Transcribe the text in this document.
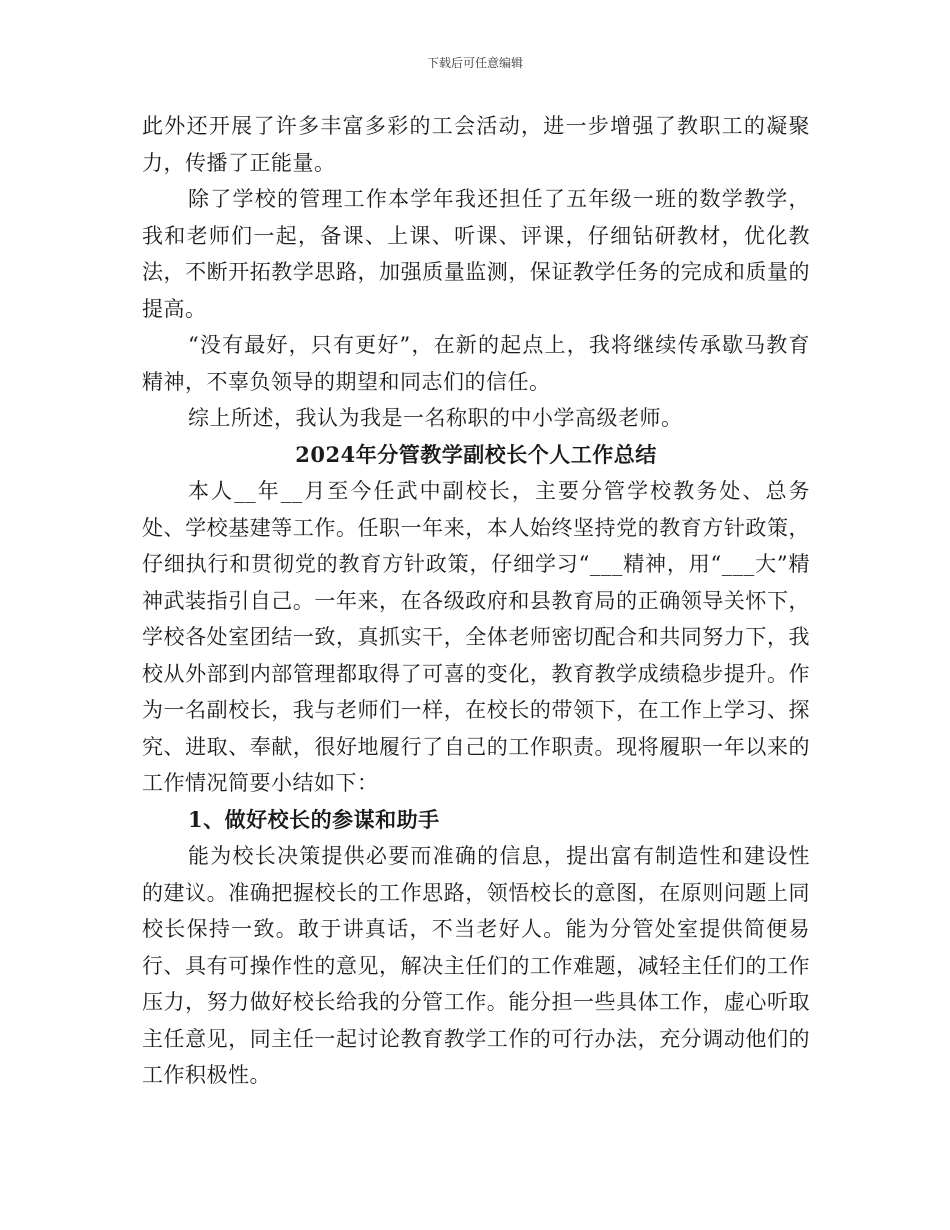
下载后可任意编辑

此外还开展了许多丰富多彩的工会活动，进一步增强了教职工的凝聚力，传播了正能量。

除了学校的管理工作本学年我还担任了五年级一班的数学教学，我和老师们一起，备课、上课、听课、评课，仔细钻研教材，优化教法，不断开拓教学思路，加强质量监测，保证教学任务的完成和质量的提高。

“没有最好，只有更好”，在新的起点上，我将继续传承歇马教育精神，不辜负领导的期望和同志们的信任。

综上所述，我认为我是一名称职的中小学高级老师。

2024年分管教学副校长个人工作总结

本人__年__月至今任武中副校长，主要分管学校教务处、总务处、学校基建等工作。任职一年来，本人始终坚持党的教育方针政策，仔细执行和贯彻党的教育方针政策，仔细学习“___精神，用“___大”精神武装指引自己。一年来，在各级政府和县教育局的正确领导关怀下，学校各处室团结一致，真抓实干，全体老师密切配合和共同努力下，我校从外部到内部管理都取得了可喜的变化，教育教学成绩稳步提升。作为一名副校长，我与老师们一样，在校长的带领下，在工作上学习、探究、进取、奉献，很好地履行了自己的工作职责。现将履职一年以来的工作情况简要小结如下：

1、做好校长的参谋和助手

能为校长决策提供必要而准确的信息，提出富有制造性和建设性的建议。准确把握校长的工作思路，领悟校长的意图，在原则问题上同校长保持一致。敢于讲真话，不当老好人。能为分管处室提供简便易行、具有可操作性的意见，解决主任们的工作难题，减轻主任们的工作压力，努力做好校长给我的分管工作。能分担一些具体工作，虚心听取主任意见，同主任一起讨论教育教学工作的可行办法，充分调动他们的工作积极性。
